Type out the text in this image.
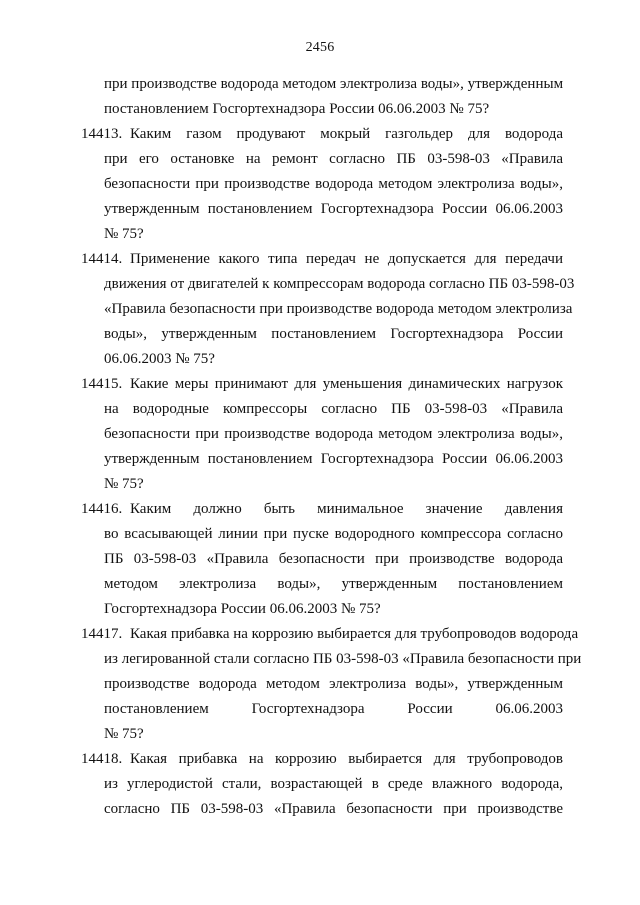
2456
при производстве водорода методом электролиза воды», утвержденным
постановлением Госгортехнадзора России 06.06.2003 № 75?
14413. Каким газом продувают мокрый газгольдер для водорода
при его остановке на ремонт согласно ПБ 03-598-03 «Правила
безопасности при производстве водорода методом электролиза воды»,
утвержденным постановлением Госгортехнадзора России 06.06.2003
№ 75?
14414. Применение какого типа передач не допускается для передачи
движения от двигателей к компрессорам водорода согласно ПБ 03-598-03
«Правила безопасности при производстве водорода методом электролиза
воды», утвержденным постановлением Госгортехнадзора России
06.06.2003 № 75?
14415. Какие меры принимают для уменьшения динамических нагрузок
на водородные компрессоры согласно ПБ 03-598-03 «Правила
безопасности при производстве водорода методом электролиза воды»,
утвержденным постановлением Госгортехнадзора России 06.06.2003
№ 75?
14416. Каким должно быть минимальное значение давления
во всасывающей линии при пуске водородного компрессора согласно
ПБ 03-598-03 «Правила безопасности при производстве водорода
методом электролиза воды», утвержденным постановлением
Госгортехнадзора России 06.06.2003 № 75?
14417. Какая прибавка на коррозию выбирается для трубопроводов водорода
из легированной стали согласно ПБ 03-598-03 «Правила безопасности при
производстве водорода методом электролиза воды», утвержденным
постановлением Госгортехнадзора России 06.06.2003
№ 75?
14418. Какая прибавка на коррозию выбирается для трубопроводов
из углеродистой стали, возрастающей в среде влажного водорода,
согласно ПБ 03-598-03 «Правила безопасности при производстве
